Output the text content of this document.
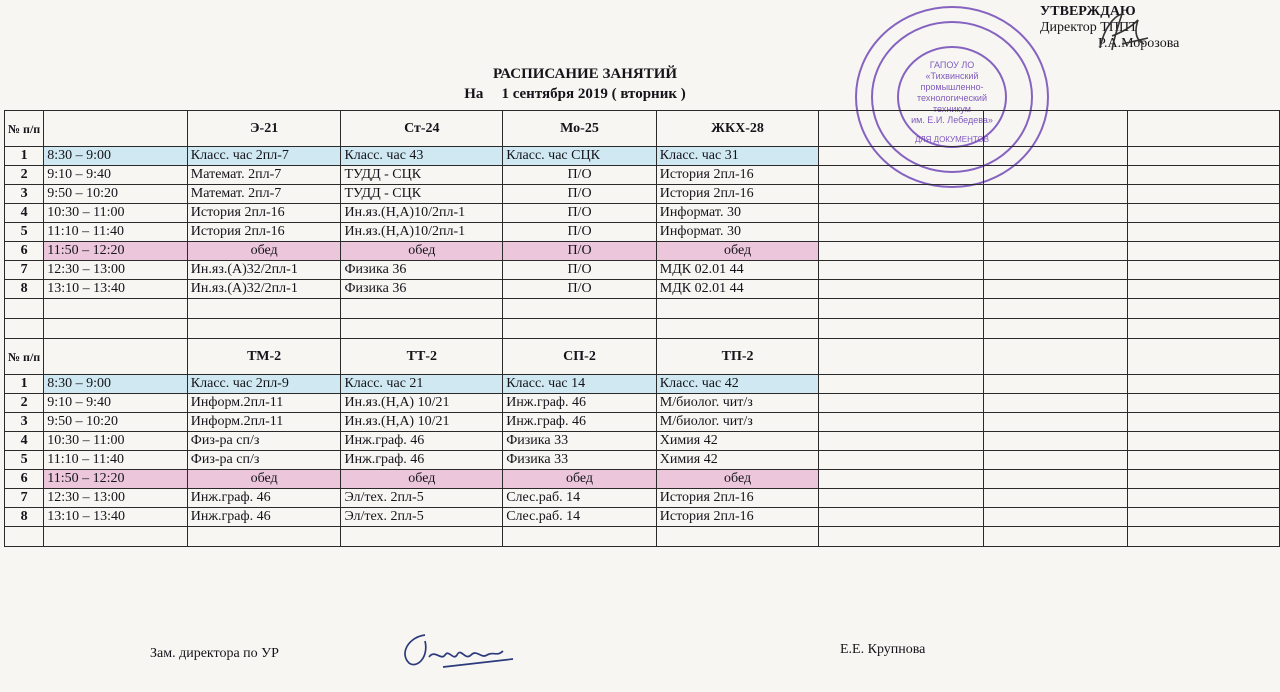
УТВЕРЖДАЮ
Директор ТППТ
Р.А.Морозова
ГАПОУ ЛО
«Тихвинский
промышленно-
технологический
техникум
им. Е.И. Лебедева»
ДЛЯ ДОКУМЕНТОВ
РАСПИСАНИЕ ЗАНЯТИЙ
На 1 сентября 2019 ( вторник )
№ п/п		Э-21	Ст-24	Мо-25	ЖКХ-28			
1	8:30 – 9:00	Класс. час 2пл-7	Класс. час 43	Класс. час СЦК	Класс. час 31			
2	9:10 – 9:40	Математ. 2пл-7	ТУДД - СЦК	П/О	История 2пл-16			
3	9:50 – 10:20	Математ. 2пл-7	ТУДД - СЦК	П/О	История 2пл-16			
4	10:30 – 11:00	История 2пл-16	Ин.яз.(Н,А)10/2пл-1	П/О	Информат. 30			
5	11:10 – 11:40	История 2пл-16	Ин.яз.(Н,А)10/2пл-1	П/О	Информат. 30			
6	11:50 – 12:20	обед	обед	П/О	обед			
7	12:30 – 13:00	Ин.яз.(А)32/2пл-1	Физика 36	П/О	МДК 02.01 44			
8	13:10 – 13:40	Ин.яз.(А)32/2пл-1	Физика 36	П/О	МДК 02.01 44			

№ п/п		ТМ-2	ТТ-2	СП-2	ТП-2			
1	8:30 – 9:00	Класс. час 2пл-9	Класс. час 21	Класс. час 14	Класс. час 42			
2	9:10 – 9:40	Информ.2пл-11	Ин.яз.(Н,А) 10/21	Инж.граф. 46	М/биолог. чит/з			
3	9:50 – 10:20	Информ.2пл-11	Ин.яз.(Н,А) 10/21	Инж.граф. 46	М/биолог. чит/з			
4	10:30 – 11:00	Физ-ра сп/з	Инж.граф. 46	Физика 33	Химия 42			
5	11:10 – 11:40	Физ-ра сп/з	Инж.граф. 46	Физика 33	Химия 42			
6	11:50 – 12:20	обед	обед	обед	обед			
7	12:30 – 13:00	Инж.граф. 46	Эл/тех. 2пл-5	Слес.раб. 14	История 2пл-16			
8	13:10 – 13:40	Инж.граф. 46	Эл/тех. 2пл-5	Слес.раб. 14	История 2пл-16			

Зам. директора по УР	Е.Е. Крупнова
